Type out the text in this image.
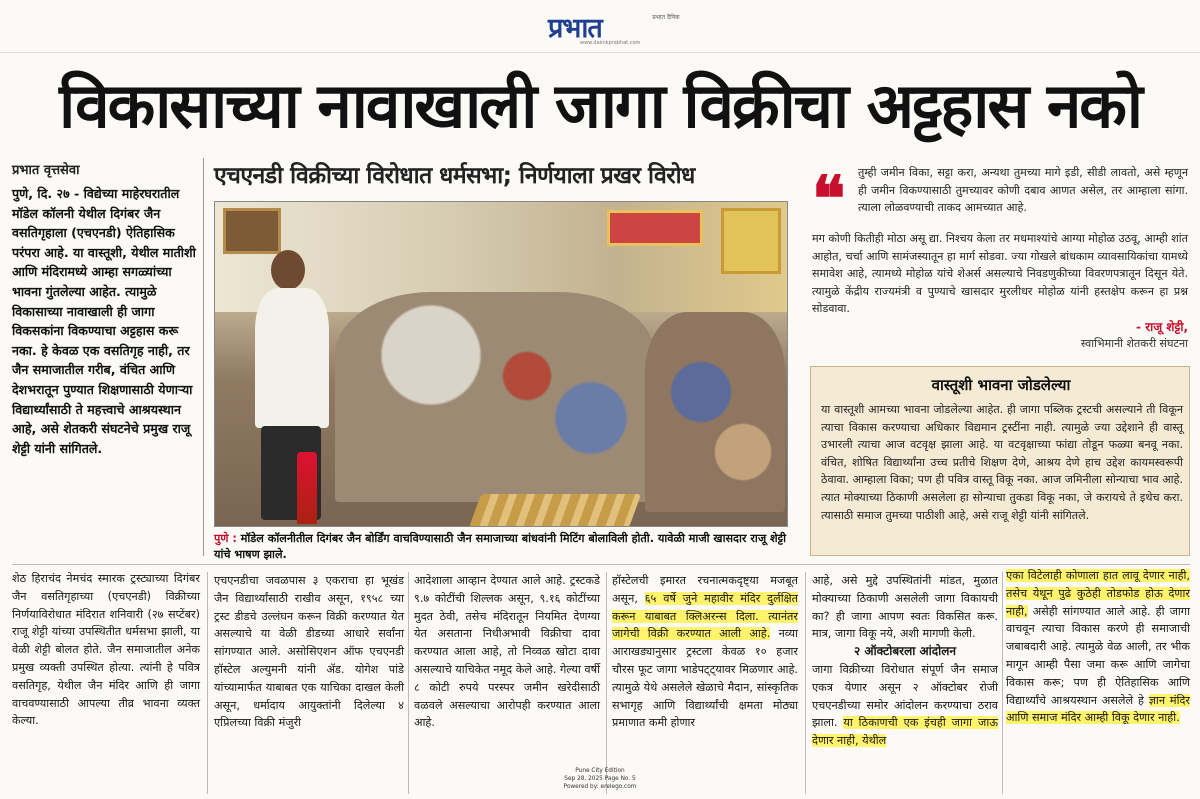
प्रभात	प्रभात दैनिक
www.dainikprabhat.com
विकासाच्या नावाखाली जागा विक्रीचा अट्टहास नको
प्रभात वृत्तसेवा
पुणे, दि. २७ - विद्येच्या माहेरघरातील मॉडेल कॉलनी येथील दिगंबर जैन वसतिगृहाला (एचएनडी) ऐतिहासिक परंपरा आहे. या वास्तूशी, येथील मातीशी आणि मंदिरामध्ये आम्हा सगळ्यांच्या भावना गुंतलेल्या आहेत. त्यामुळे विकासाच्या नावाखाली ही जागा विकसकांना विकण्याचा अट्टहास करू नका. हे केवळ एक वसतिगृह नाही, तर जैन समाजातील गरीब, वंचित आणि देशभरातून पुण्यात शिक्षणासाठी येणाऱ्या विद्यार्थ्यांसाठी ते महत्त्वाचे आश्रयस्थान आहे, असे शेतकरी संघटनेचे प्रमुख राजू शेट्टी यांनी सांगितले.
एचएनडी विक्रीच्या विरोधात धर्मसभा; निर्णयाला प्रखर विरोध
पुणे : मॉडेल कॉलनीतील दिगंबर जैन बोर्डिंग वाचविण्यासाठी जैन समाजाच्या बांधवांनी मिटिंग बोलाविली होती. यावेळी माजी खासदार राजू शेट्टी यांचे भाषण झाले.
❝ तुम्ही जमीन विका, सट्टा करा, अन्यथा तुमच्या मागे इडी, सीडी लावतो, असे म्हणून ही जमीन विकण्यासाठी तुमच्यावर कोणी दबाव आणत असेल, तर आम्हाला सांगा. त्याला लोळवण्याची ताकद आमच्यात आहे.
मग कोणी कितीही मोठा असू द्या. निश्चय केला तर मधमाश्यांचे आग्या मोहोळ उठवू, आम्ही शांत आहोत, चर्चा आणि सामंजस्यातून हा मार्ग सोडवा. ज्या गोखले बांधकाम व्यावसायिकांचा यामध्ये समावेश आहे, त्यामध्ये मोहोळ यांचे शेअर्स असल्याचे निवडणुकीच्या विवरणपत्रातून दिसून येते. त्यामुळे केंद्रीय राज्यमंत्री व पुण्याचे खासदार मुरलीधर मोहोळ यांनी हस्तक्षेप करून हा प्रश्न सोडवावा.
- राजू शेट्टी,
स्वाभिमानी शेतकरी संघटना
वास्तूशी भावना जोडलेल्या
या वास्तूशी आमच्या भावना जोडलेल्या आहेत. ही जागा पब्लिक ट्रस्टची असल्याने ती विकून त्याचा विकास करण्याचा अधिकार विद्यमान ट्रस्टींना नाही. त्यामुळे ज्या उद्देशाने ही वास्तू उभारली त्याचा आज वटवृक्ष झाला आहे. या वटवृक्षाच्या फांद्या तोडून फळ्या बनवू नका. वंचित, शोषित विद्यार्थ्यांना उच्च प्रतीचे शिक्षण देणे, आश्रय देणे हाच उद्देश कायमस्वरूपी ठेवावा. आम्हाला विका; पण ही पवित्र वास्तू विकू नका. आज जमिनीला सोन्याचा भाव आहे. त्यात मोक्याच्या ठिकाणी असलेला हा सोन्याचा तुकडा विकू नका, जे करायचे ते इथेच करा. त्यासाठी समाज तुमच्या पाठीशी आहे, असे राजू शेट्टी यांनी सांगितले.
शेठ हिराचंद नेमचंद स्मारक ट्रस्ट्याच्या दिगंबर जैन वसतिगृहाच्या (एचएनडी) विक्रीच्या निर्णयाविरोधात मंदिरात शनिवारी (२७ सप्टेंबर) राजू शेट्टी यांच्या उपस्थितीत धर्मसभा झाली, या वेळी शेट्टी बोलत होते. जैन समाजातील अनेक प्रमुख व्यक्ती उपस्थित होत्या. त्यांनी हे पवित्र वसतिगृह, येथील जैन मंदिर आणि ही जागा वाचवण्यासाठी आपल्या तीव्र भावना व्यक्त केल्या.
एचएनडीचा जवळपास ३ एकराचा हा भूखंड जैन विद्यार्थ्यांसाठी राखीव असून, १९५८ च्या ट्रस्ट डीडचे उल्लंघन करून विक्री करण्यात येत असल्याचे या वेळी डीडच्या आधारे सर्वांना सांगण्यात आले. असोसिएशन ऑफ एचएनडी हॉस्टेल अल्युमनी यांनी ॲड. योगेश पांडे यांच्यामार्फत याबाबत एक याचिका दाखल केली असून, धर्मादाय आयुक्तांनी दिलेल्या ४ एप्रिलच्या विक्री मंजुरी
आदेशाला आव्हान देण्यात आले आहे. ट्रस्टकडे ९.७ कोटींची शिल्लक असून, ९.१६ कोटींच्या मुदत ठेवी, तसेच मंदिरातून नियमित देणग्या येत असताना निधीअभावी विक्रीचा दावा करण्यात आला आहे, तो निव्वळ खोटा दावा असल्याचे याचिकेत नमूद केले आहे. गेल्या वर्षी ८ कोटी रुपये परस्पर जमीन खरेदीसाठी वळवले असल्याचा आरोपही करण्यात आला आहे.
हॉस्टेलची इमारत रचनात्मकदृष्ट्या मजबूत असून, ६५ वर्षे जुने महावीर मंदिर दुर्लक्षित करून याबाबत क्लिअरन्स दिला. त्यानंतर जागेची विक्री करण्यात आली आहे. नव्या आराखड्यानुसार ट्रस्टला केवळ १० हजार चौरस फूट जागा भाडेपट्ट्यावर मिळणार आहे. त्यामुळे येथे असलेले खेळाचे मैदान, सांस्कृतिक सभागृह आणि विद्यार्थ्यांची क्षमता मोठ्या प्रमाणात कमी होणार
आहे, असे मुद्दे उपस्थितांनी मांडत, मुळात मोक्याच्या ठिकाणी असलेली जागा विकायची का? ही जागा आपण स्वतः विकसित करू. मात्र, जागा विकू नये, अशी मागणी केली.
२ ऑक्टोबरला आंदोलन
जागा विक्रीच्या विरोधात संपूर्ण जैन समाज एकत्र येणार असून २ ऑक्टोबर रोजी एचएनडीच्या समोर आंदोलन करण्याचा ठराव झाला. या ठिकाणची एक इंचही जागा जाऊ देणार नाही, येथील
एका विटेलाही कोणाला हात लावू देणार नाही, तसेच येथून पुढे कुठेही तोडफोड होऊ देणार नाही, असेही सांगण्यात आले आहे. ही जागा वाचवून त्याचा विकास करणे ही समाजाची जबाबदारी आहे. त्यामुळे वेळ आली, तर भीक मागून आम्ही पैसा जमा करू आणि जागेचा विकास करू; पण ही ऐतिहासिक आणि विद्यार्थ्यांचे आश्रयस्थान असलेले हे ज्ञान मंदिर आणि समाज मंदिर आम्ही विकू देणार नाही.
Pune City Edition
Sep 28, 2025 Page No. 5
Powered by: erelego.com
